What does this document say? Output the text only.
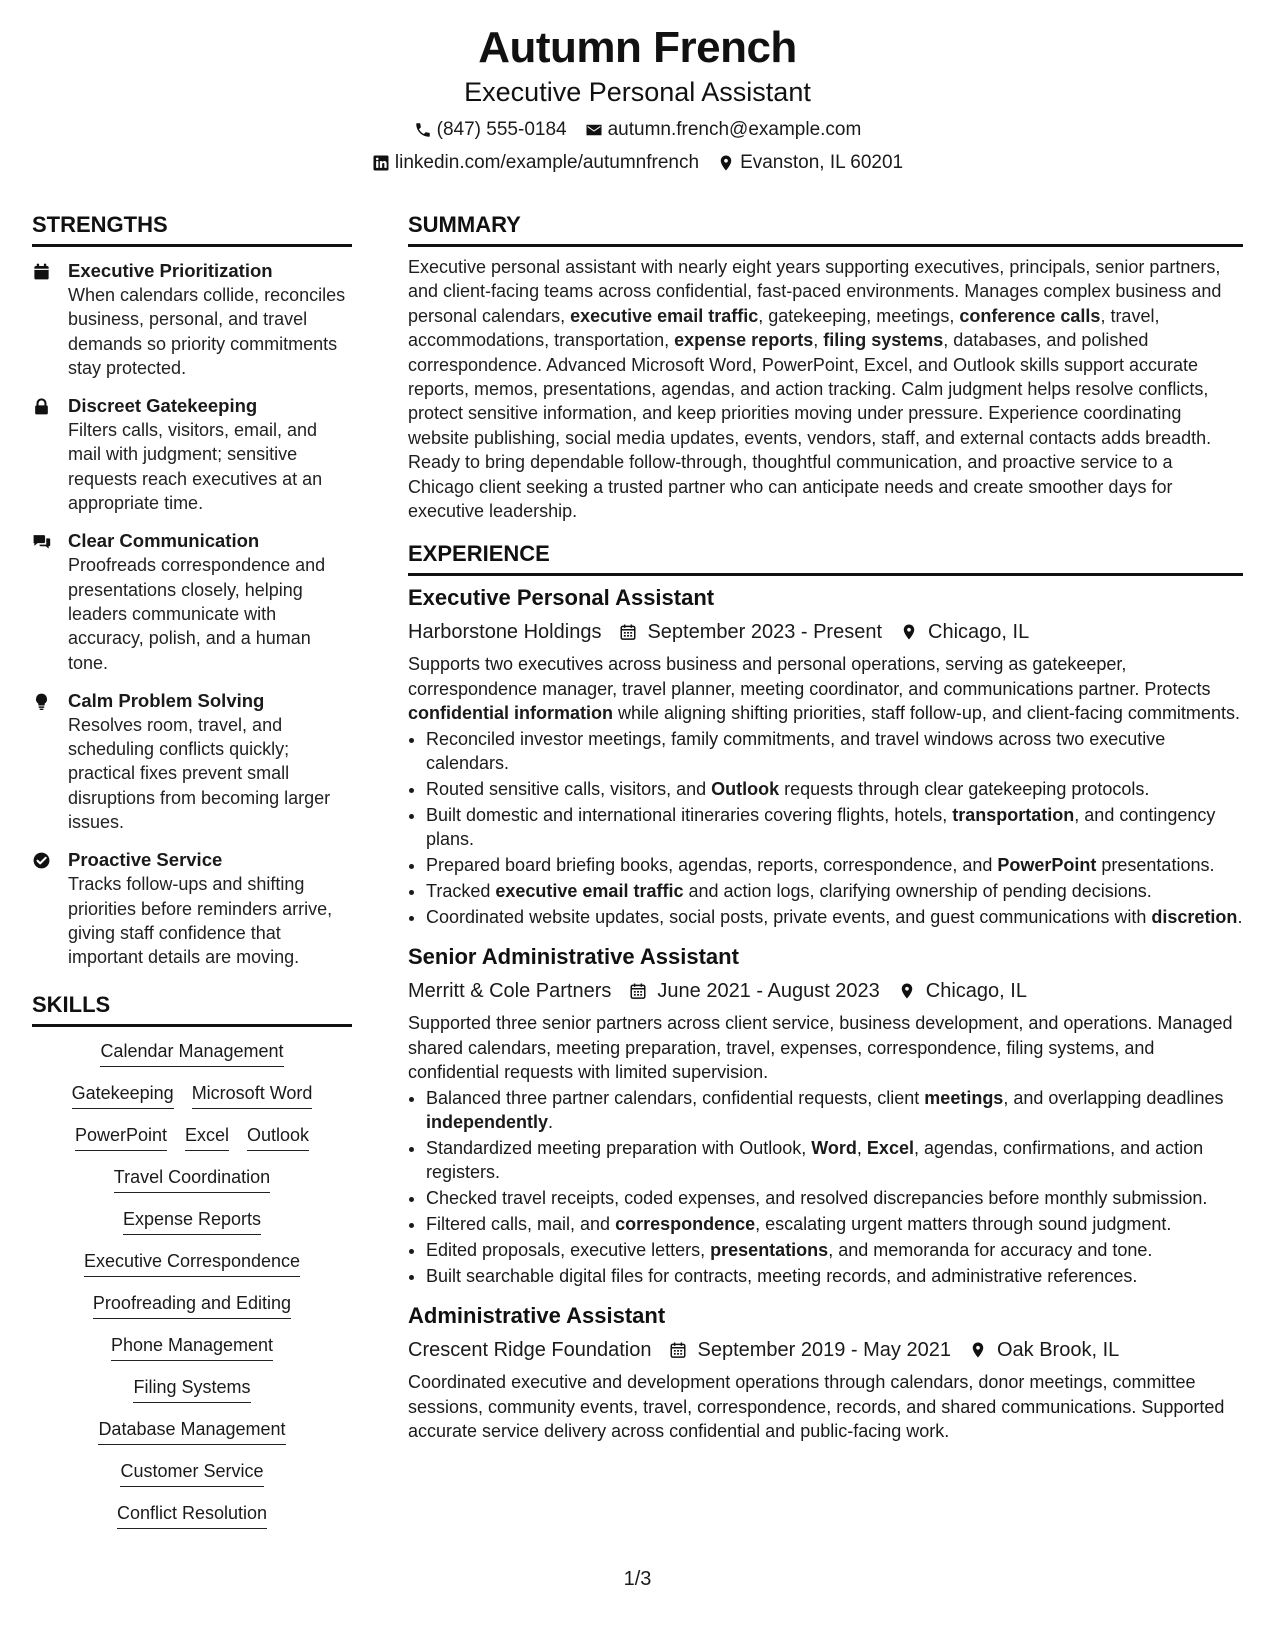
Autumn French
Executive Personal Assistant
(847) 555-0184 autumn.french@example.com
linkedin.com/example/autumnfrench Evanston, IL 60201
STRENGTHS
Executive Prioritization
When calendars collide, reconciles business, personal, and travel demands so priority commitments stay protected.
Discreet Gatekeeping
Filters calls, visitors, email, and mail with judgment; sensitive requests reach executives at an appropriate time.
Clear Communication
Proofreads correspondence and presentations closely, helping leaders communicate with accuracy, polish, and a human tone.
Calm Problem Solving
Resolves room, travel, and scheduling conflicts quickly; practical fixes prevent small disruptions from becoming larger issues.
Proactive Service
Tracks follow-ups and shifting priorities before reminders arrive, giving staff confidence that important details are moving.
SKILLS
Calendar Management
Gatekeeping Microsoft Word
PowerPoint Excel Outlook
Travel Coordination
Expense Reports
Executive Correspondence
Proofreading and Editing
Phone Management
Filing Systems
Database Management
Customer Service
Conflict Resolution
SUMMARY
Executive personal assistant with nearly eight years supporting executives, principals, senior partners, and client-facing teams across confidential, fast-paced environments. Manages complex business and personal calendars, executive email traffic, gatekeeping, meetings, conference calls, travel, accommodations, transportation, expense reports, filing systems, databases, and polished correspondence. Advanced Microsoft Word, PowerPoint, Excel, and Outlook skills support accurate reports, memos, presentations, agendas, and action tracking. Calm judgment helps resolve conflicts, protect sensitive information, and keep priorities moving under pressure. Experience coordinating website publishing, social media updates, events, vendors, staff, and external contacts adds breadth. Ready to bring dependable follow-through, thoughtful communication, and proactive service to a Chicago client seeking a trusted partner who can anticipate needs and create smoother days for executive leadership.
EXPERIENCE
Executive Personal Assistant
Harborstone Holdings September 2023 - Present Chicago, IL
Supports two executives across business and personal operations, serving as gatekeeper, correspondence manager, travel planner, meeting coordinator, and communications partner. Protects confidential information while aligning shifting priorities, staff follow-up, and client-facing commitments.
• Reconciled investor meetings, family commitments, and travel windows across two executive calendars.
• Routed sensitive calls, visitors, and Outlook requests through clear gatekeeping protocols.
• Built domestic and international itineraries covering flights, hotels, transportation, and contingency plans.
• Prepared board briefing books, agendas, reports, correspondence, and PowerPoint presentations.
• Tracked executive email traffic and action logs, clarifying ownership of pending decisions.
• Coordinated website updates, social posts, private events, and guest communications with discretion.
Senior Administrative Assistant
Merritt & Cole Partners June 2021 - August 2023 Chicago, IL
Supported three senior partners across client service, business development, and operations. Managed shared calendars, meeting preparation, travel, expenses, correspondence, filing systems, and confidential requests with limited supervision.
• Balanced three partner calendars, confidential requests, client meetings, and overlapping deadlines independently.
• Standardized meeting preparation with Outlook, Word, Excel, agendas, confirmations, and action registers.
• Checked travel receipts, coded expenses, and resolved discrepancies before monthly submission.
• Filtered calls, mail, and correspondence, escalating urgent matters through sound judgment.
• Edited proposals, executive letters, presentations, and memoranda for accuracy and tone.
• Built searchable digital files for contracts, meeting records, and administrative references.
Administrative Assistant
Crescent Ridge Foundation September 2019 - May 2021 Oak Brook, IL
Coordinated executive and development operations through calendars, donor meetings, committee sessions, community events, travel, correspondence, records, and shared communications. Supported accurate service delivery across confidential and public-facing work.
1/3
